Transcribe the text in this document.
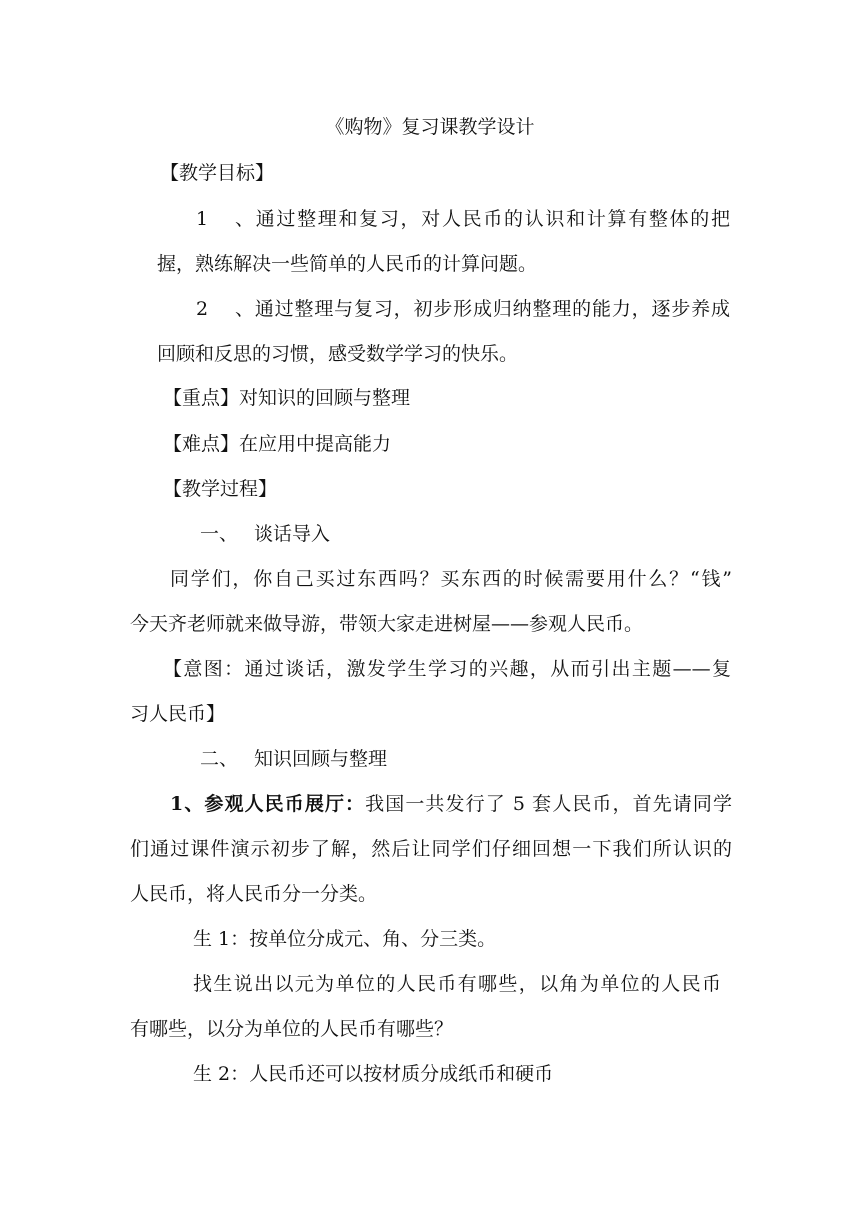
《购物》复习课教学设计
【教学目标】
1、通过整理和复习，对人民币的认识和计算有整体的把
握，熟练解决一些简单的人民币的计算问题。
2、通过整理与复习，初步形成归纳整理的能力，逐步养成
回顾和反思的习惯，感受数学学习的快乐。
【重点】对知识的回顾与整理
【难点】在应用中提高能力
【教学过程】
一、 谈话导入
同学们，你自己买过东西吗？买东西的时候需要用什么？“钱”
今天齐老师就来做导游，带领大家走进树屋——参观人民币。
【意图：通过谈话，激发学生学习的兴趣，从而引出主题——复
习人民币】
二、 知识回顾与整理
1、参观人民币展厅：我国一共发行了 5 套人民币，首先请同学
们通过课件演示初步了解，然后让同学们仔细回想一下我们所认识的
人民币，将人民币分一分类。
生 1：按单位分成元、角、分三类。
找生说出以元为单位的人民币有哪些，以角为单位的人民币
有哪些，以分为单位的人民币有哪些？
生 2：人民币还可以按材质分成纸币和硬币
